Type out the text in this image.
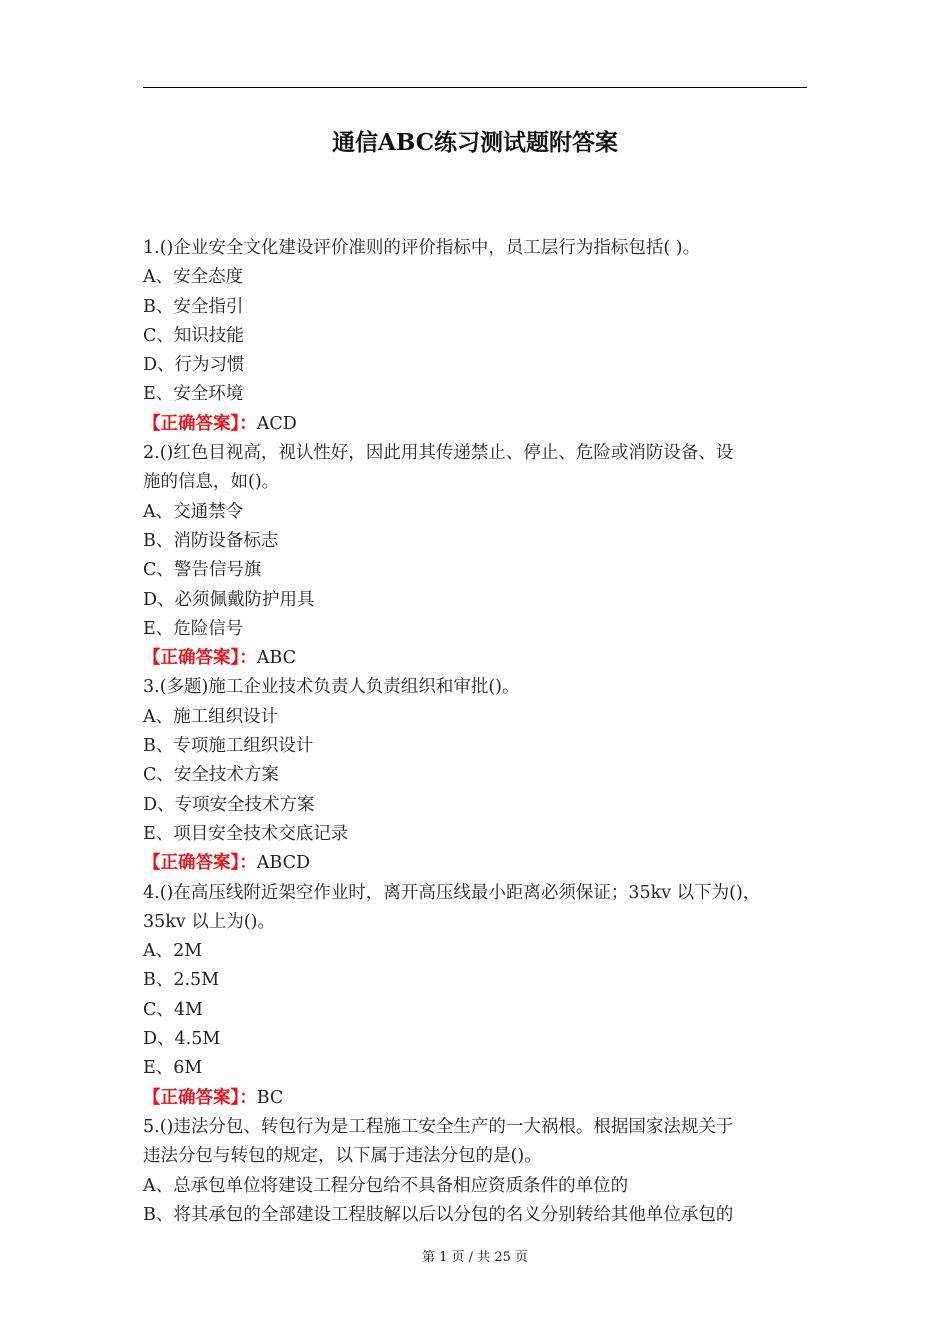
通信ABC练习测试题附答案
1.()企业安全文化建设评价准则的评价指标中，员工层行为指标包括( )。
A、安全态度
B、安全指引
C、知识技能
D、行为习惯
E、安全环境
【正确答案】：ACD
2.()红色目视高，视认性好，因此用其传递禁止、停止、危险或消防设备、设
施的信息，如()。
A、交通禁令
B、消防设备标志
C、警告信号旗
D、必须佩戴防护用具
E、危险信号
【正确答案】：ABC
3.(多题)施工企业技术负责人负责组织和审批()。
A、施工组织设计
B、专项施工组织设计
C、安全技术方案
D、专项安全技术方案
E、项目安全技术交底记录
【正确答案】：ABCD
4.()在高压线附近架空作业时，离开高压线最小距离必须保证；35kv 以下为()，
35kv 以上为()。
A、2M
B、2.5M
C、4M
D、4.5M
E、6M
【正确答案】：BC
5.()违法分包、转包行为是工程施工安全生产的一大祸根。根据国家法规关于
违法分包与转包的规定，以下属于违法分包的是()。
A、总承包单位将建设工程分包给不具备相应资质条件的单位的
B、将其承包的全部建设工程肢解以后以分包的名义分别转给其他单位承包的
第 1 页 / 共 25 页
